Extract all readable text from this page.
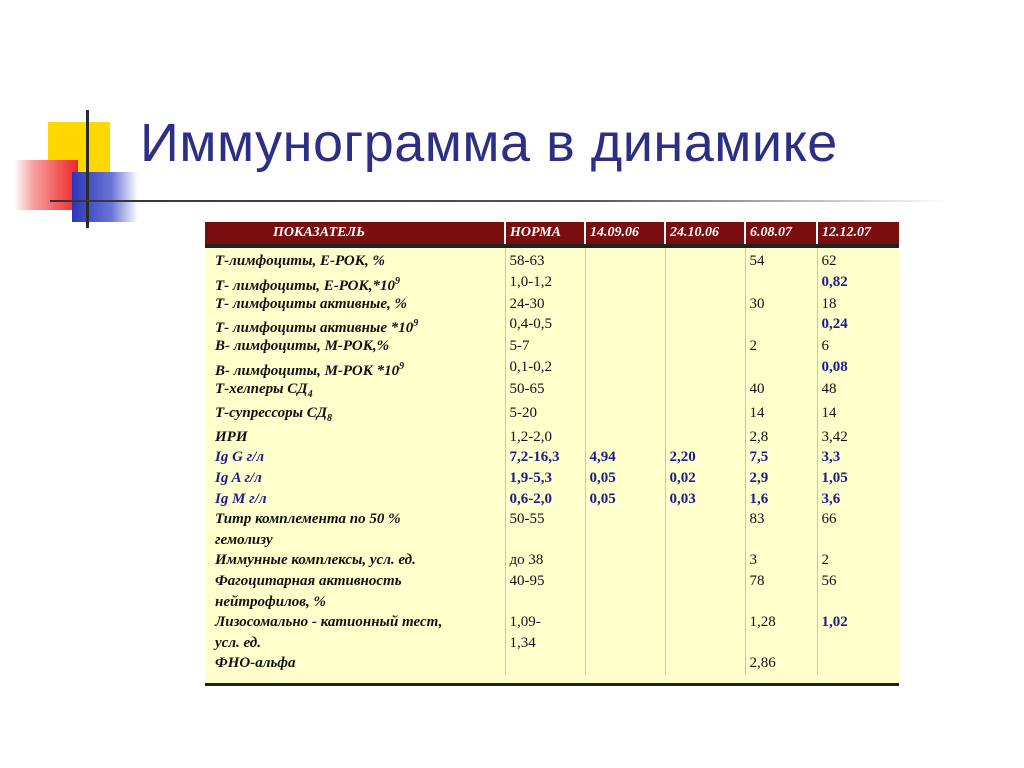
Иммунограмма в динамике
ПОКАЗАТЕЛЬ	НОРМА	14.09.06	24.10.06	6.08.07	12.12.07
Т-лимфоциты, Е-РОК, %	58-63			54	62
Т- лимфоциты, $Е-РОК,*10^9$	1,0-1,2				0,82
Т- лимфоциты активные, %	24-30			30	18
Т- лимфоциты активные $*10^9$	0,4-0,5				0,24
В- лимфоциты, М-РОК,%	5-7			2	6
В- лимфоциты, М-РОК $*10^9$	0,1-0,2				0,08
Т-хелперы $СД_4$	50-65			40	48
Т-супрессоры $СД_8$	5-20			14	14
ИРИ	1,2-2,0			2,8	3,42
Ig G г/л	7,2-16,3	4,94	2,20	7,5	3,3
Ig A г/л	1,9-5,3	0,05	0,02	2,9	1,05
Ig M г/л	0,6-2,0	0,05	0,03	1,6	3,6
Титр комплемента по 50 %	50-55			83	66
гемолизу					
Иммунные комплексы, усл. ед.	до 38			3	2
Фагоцитарная активность	40-95			78	56
нейтрофилов, %					
Лизосомально - катионный тест,	1,09-			1,28	1,02
усл. ед.	1,34				
ФНО-альфа				2,86	
